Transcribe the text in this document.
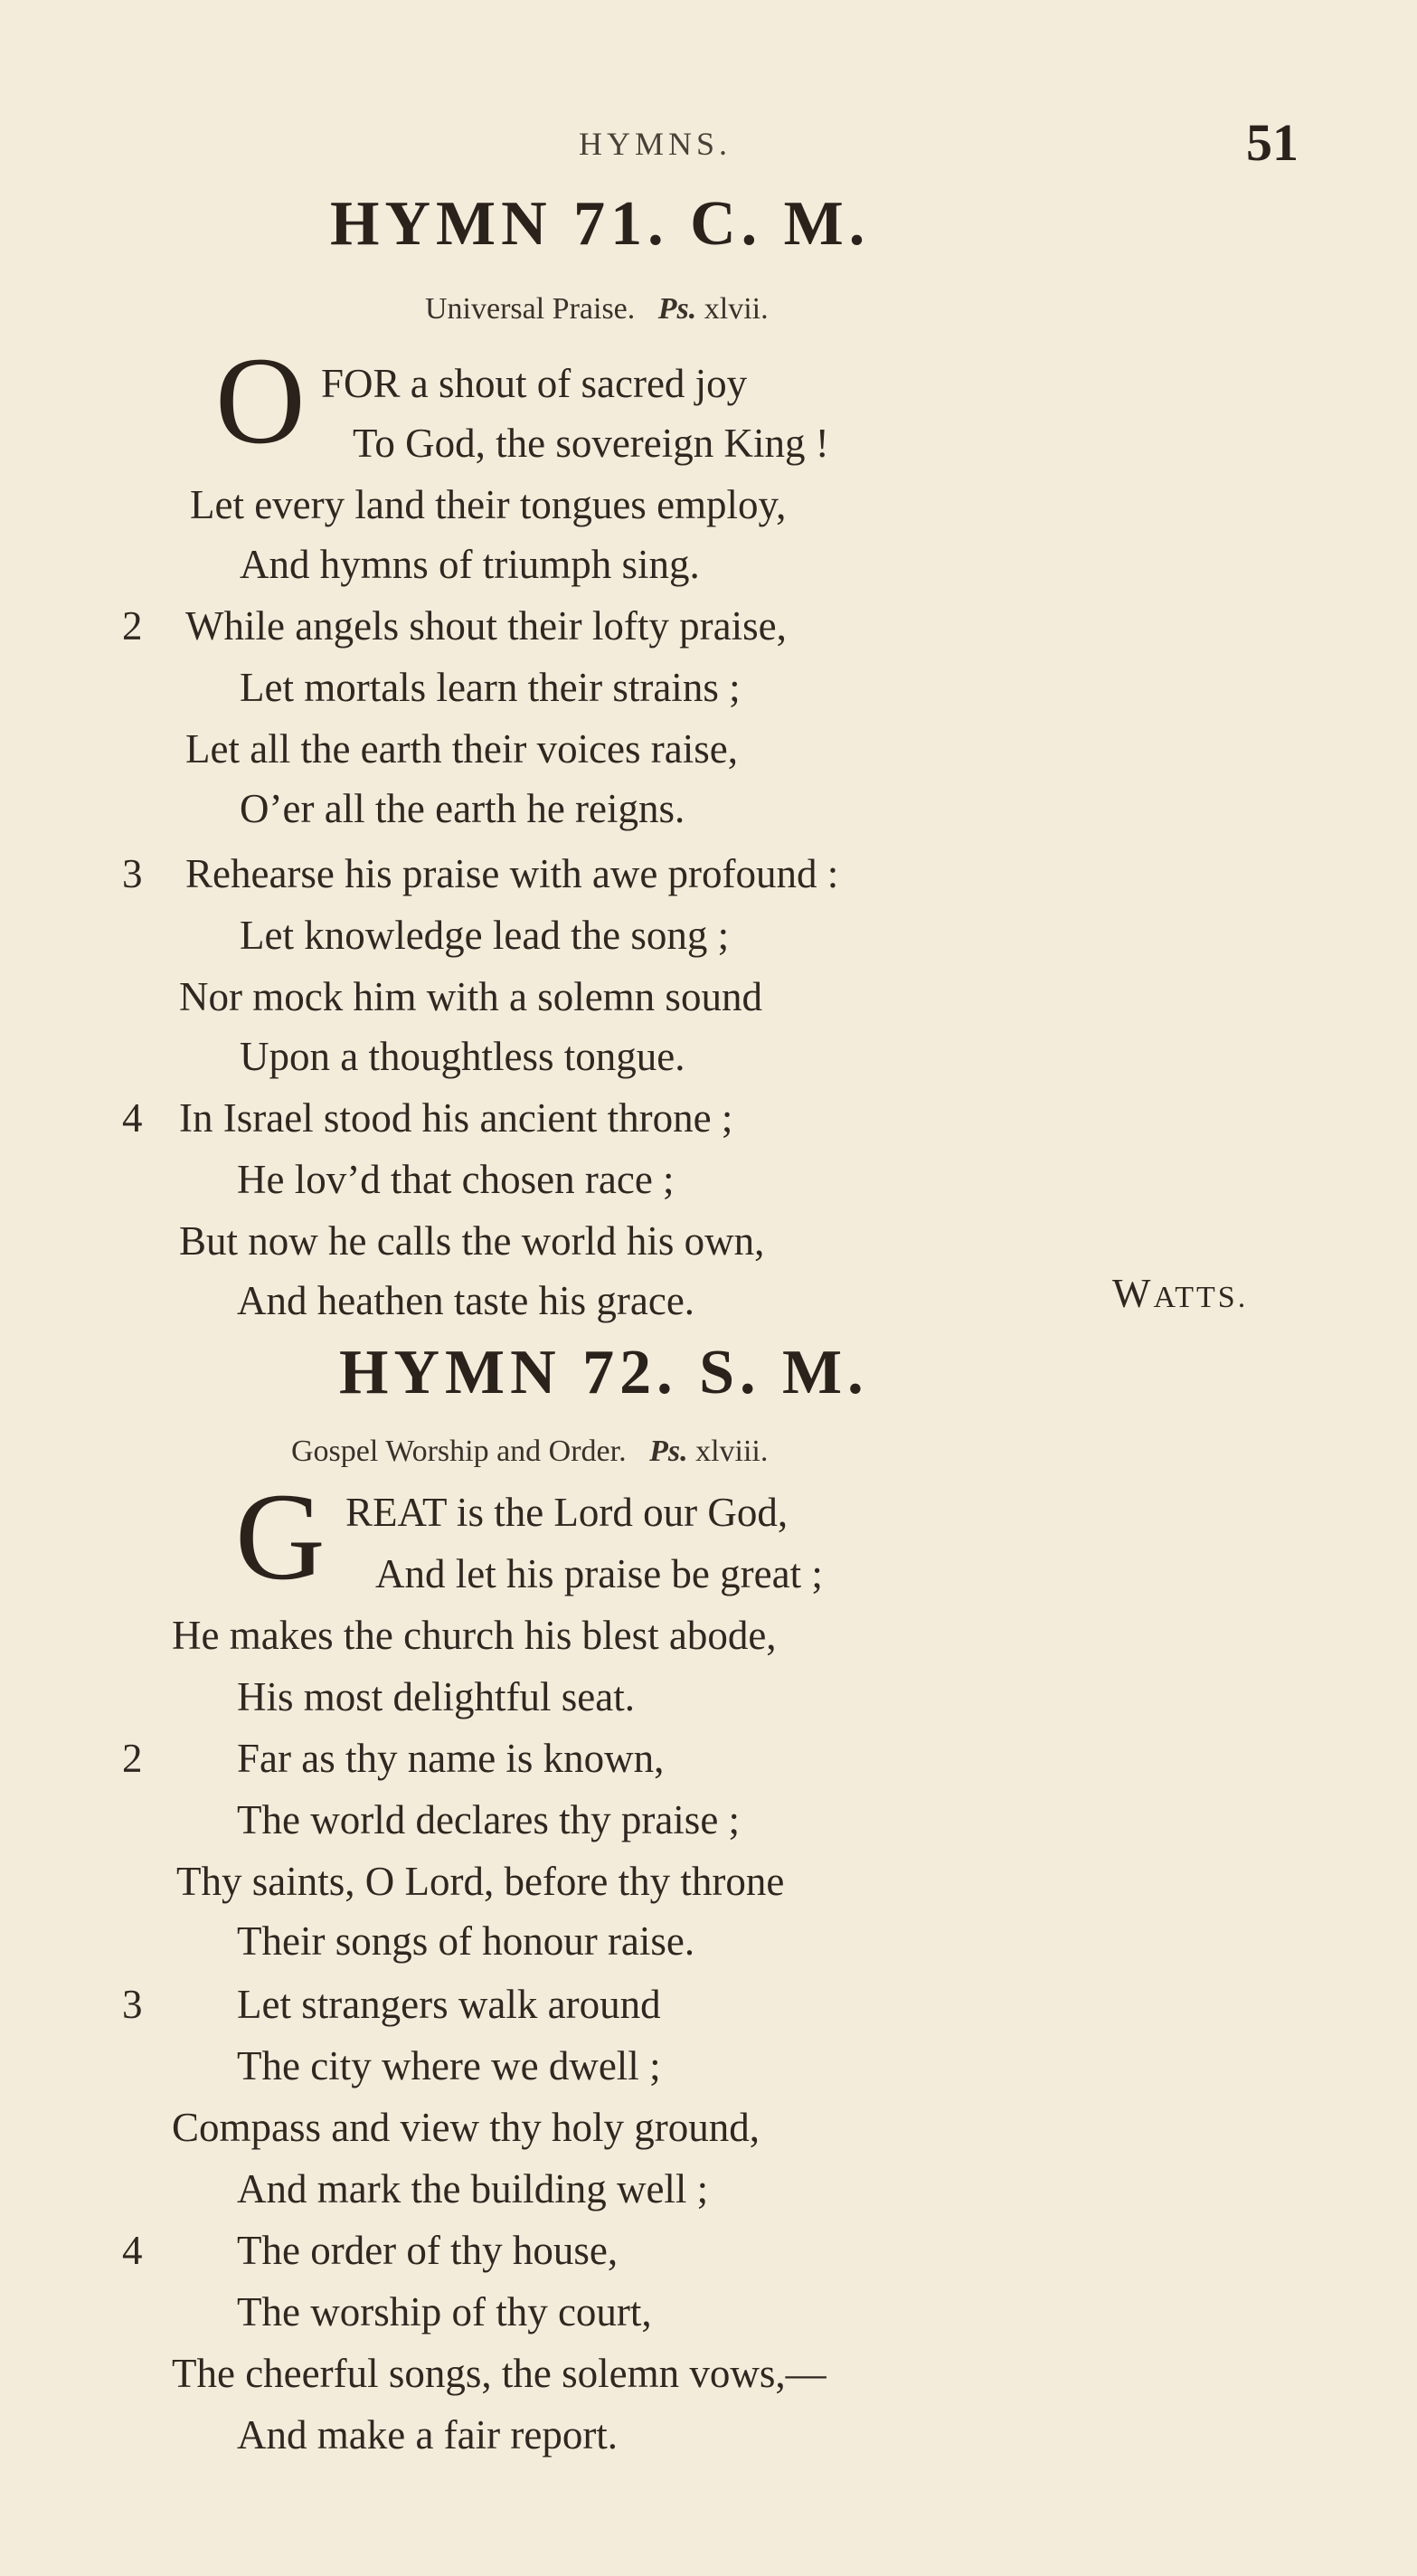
HYMNS.	51
HYMN 71. C. M.
Universal Praise. Ps. xlvii.
O FOR a shout of sacred joy
To God, the sovereign King !
Let every land their tongues employ,
And hymns of triumph sing.
2 While angels shout their lofty praise,
Let mortals learn their strains ;
Let all the earth their voices raise,
O’er all the earth he reigns.
3 Rehearse his praise with awe profound :
Let knowledge lead the song ;
Nor mock him with a solemn sound
Upon a thoughtless tongue.
4 In Israel stood his ancient throne ;
He lov’d that chosen race ;
But now he calls the world his own,
And heathen taste his grace.	WATTS.
HYMN 72. S. M.
Gospel Worship and Order. Ps. xlviii.
G REAT is the Lord our God,
And let his praise be great ;
He makes the church his blest abode,
His most delightful seat.
2 Far as thy name is known,
The world declares thy praise ;
Thy saints, O Lord, before thy throne
Their songs of honour raise.
3 Let strangers walk around
The city where we dwell ;
Compass and view thy holy ground,
And mark the building well ;
4 The order of thy house,
The worship of thy court,
The cheerful songs, the solemn vows,—
And make a fair report.
